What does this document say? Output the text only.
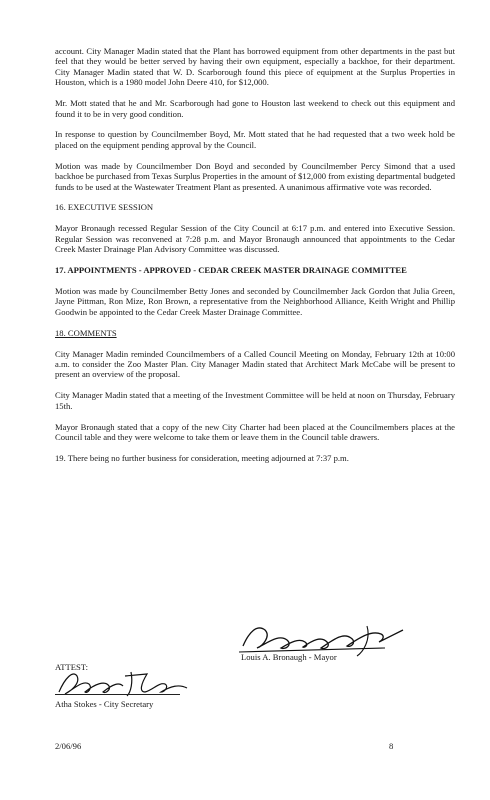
account. City Manager Madin stated that the Plant has borrowed equipment from other departments in the past but feel that they would be better served by having their own equipment, especially a backhoe, for their department. City Manager Madin stated that W. D. Scarborough found this piece of equipment at the Surplus Properties in Houston, which is a 1980 model John Deere 410, for $12,000.

Mr. Mott stated that he and Mr. Scarborough had gone to Houston last weekend to check out this equipment and found it to be in very good condition.

In response to question by Councilmember Boyd, Mr. Mott stated that he had requested that a two week hold be placed on the equipment pending approval by the Council.

Motion was made by Councilmember Don Boyd and seconded by Councilmember Percy Simond that a used backhoe be purchased from Texas Surplus Properties in the amount of $12,000 from existing departmental budgeted funds to be used at the Wastewater Treatment Plant as presented. A unanimous affirmative vote was recorded.

16. EXECUTIVE SESSION

Mayor Bronaugh recessed Regular Session of the City Council at 6:17 p.m. and entered into Executive Session. Regular Session was reconvened at 7:28 p.m. and Mayor Bronaugh announced that appointments to the Cedar Creek Master Drainage Plan Advisory Committee was discussed.

17. APPOINTMENTS - APPROVED - CEDAR CREEK MASTER DRAINAGE COMMITTEE

Motion was made by Councilmember Betty Jones and seconded by Councilmember Jack Gordon that Julia Green, Jayne Pittman, Ron Mize, Ron Brown, a representative from the Neighborhood Alliance, Keith Wright and Phillip Goodwin be appointed to the Cedar Creek Master Drainage Committee.

18. COMMENTS

City Manager Madin reminded Councilmembers of a Called Council Meeting on Monday, February 12th at 10:00 a.m. to consider the Zoo Master Plan. City Manager Madin stated that Architect Mark McCabe will be present to present an overview of the proposal.

City Manager Madin stated that a meeting of the Investment Committee will be held at noon on Thursday, February 15th.

Mayor Bronaugh stated that a copy of the new City Charter had been placed at the Councilmembers places at the Council table and they were welcome to take them or leave them in the Council table drawers.

19. There being no further business for consideration, meeting adjourned at 7:37 p.m.

Louis A. Bronaugh - Mayor
ATTEST:
Atha Stokes - City Secretary
2/06/96	8
